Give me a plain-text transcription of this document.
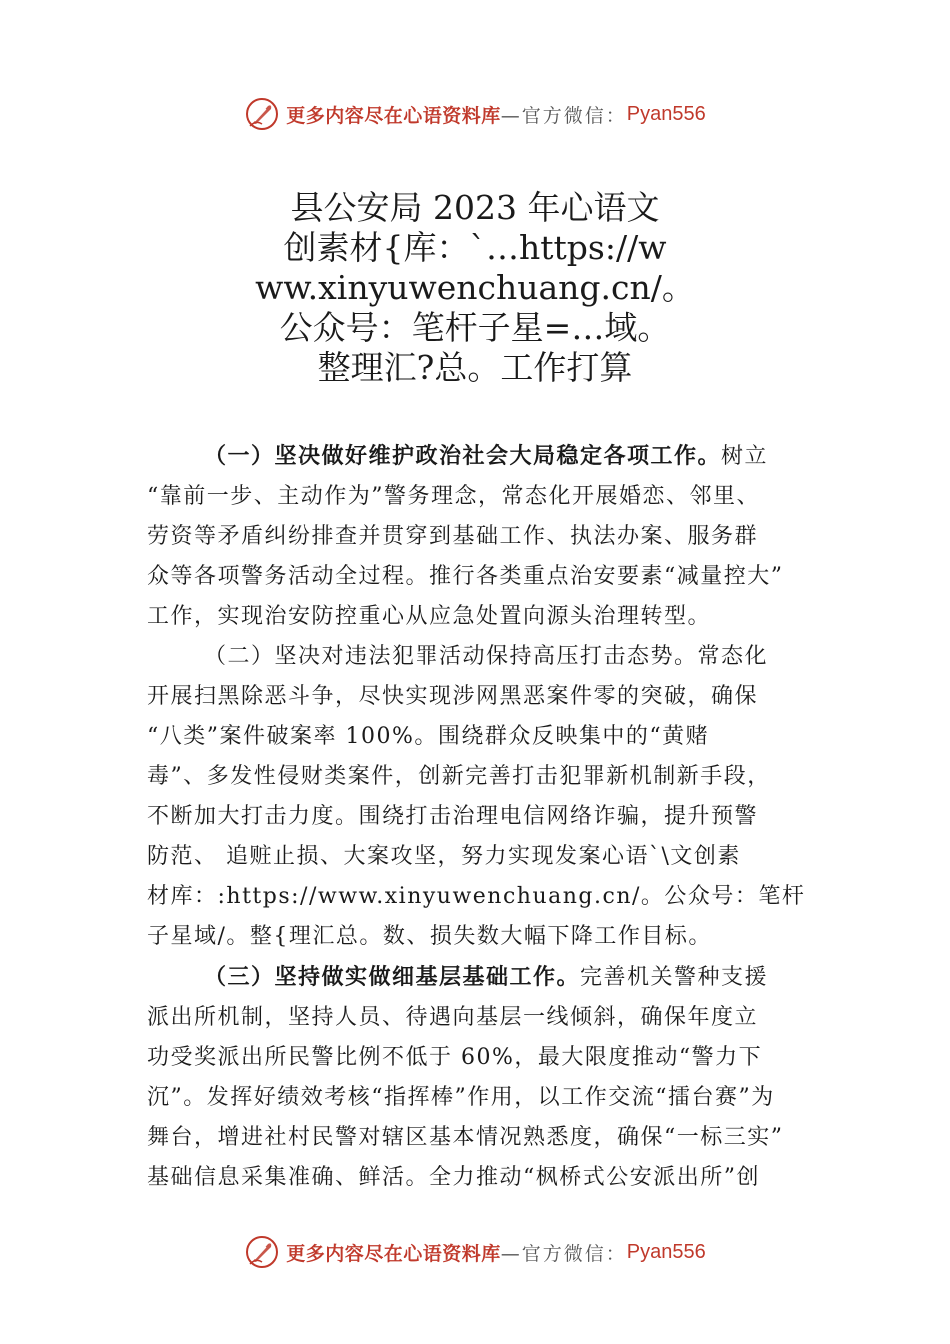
更多内容尽在心语资料库 —官方微信： Pyan556
县公安局 2023 年心语文
创素材{库：`…https://w
ww.xinyuwenchuang.cn/。
公众号：笔杆子星=…域。
整理汇?总。工作打算

（一）坚决做好维护政治社会大局稳定各项工作。树立
“靠前一步、主动作为”警务理念，常态化开展婚恋、邻里、
劳资等矛盾纠纷排查并贯穿到基础工作、执法办案、服务群
众等各项警务活动全过程。推行各类重点治安要素“减量控大”
工作，实现治安防控重心从应急处置向源头治理转型。

（二）坚决对违法犯罪活动保持高压打击态势。常态化
开展扫黑除恶斗争，尽快实现涉网黑恶案件零的突破，确保
“八类”案件破案率 100%。围绕群众反映集中的“黄赌
毒”、多发性侵财类案件，创新完善打击犯罪新机制新手段，
不断加大打击力度。围绕打击治理电信网络诈骗，提升预警
防范、 追赃止损、大案攻坚，努力实现发案心语`\文创素
材库：:https://www.xinyuwenchuang.cn/。公众号：笔杆
子星域/。整{理汇总。数、损失数大幅下降工作目标。

（三）坚持做实做细基层基础工作。完善机关警种支援
派出所机制，坚持人员、待遇向基层一线倾斜，确保年度立
功受奖派出所民警比例不低于 60%，最大限度推动“警力下
沉”。发挥好绩效考核“指挥棒”作用，以工作交流“擂台赛”为
舞台，增进社村民警对辖区基本情况熟悉度，确保“一标三实”
基础信息采集准确、鲜活。全力推动“枫桥式公安派出所”创

更多内容尽在心语资料库 —官方微信： Pyan556
